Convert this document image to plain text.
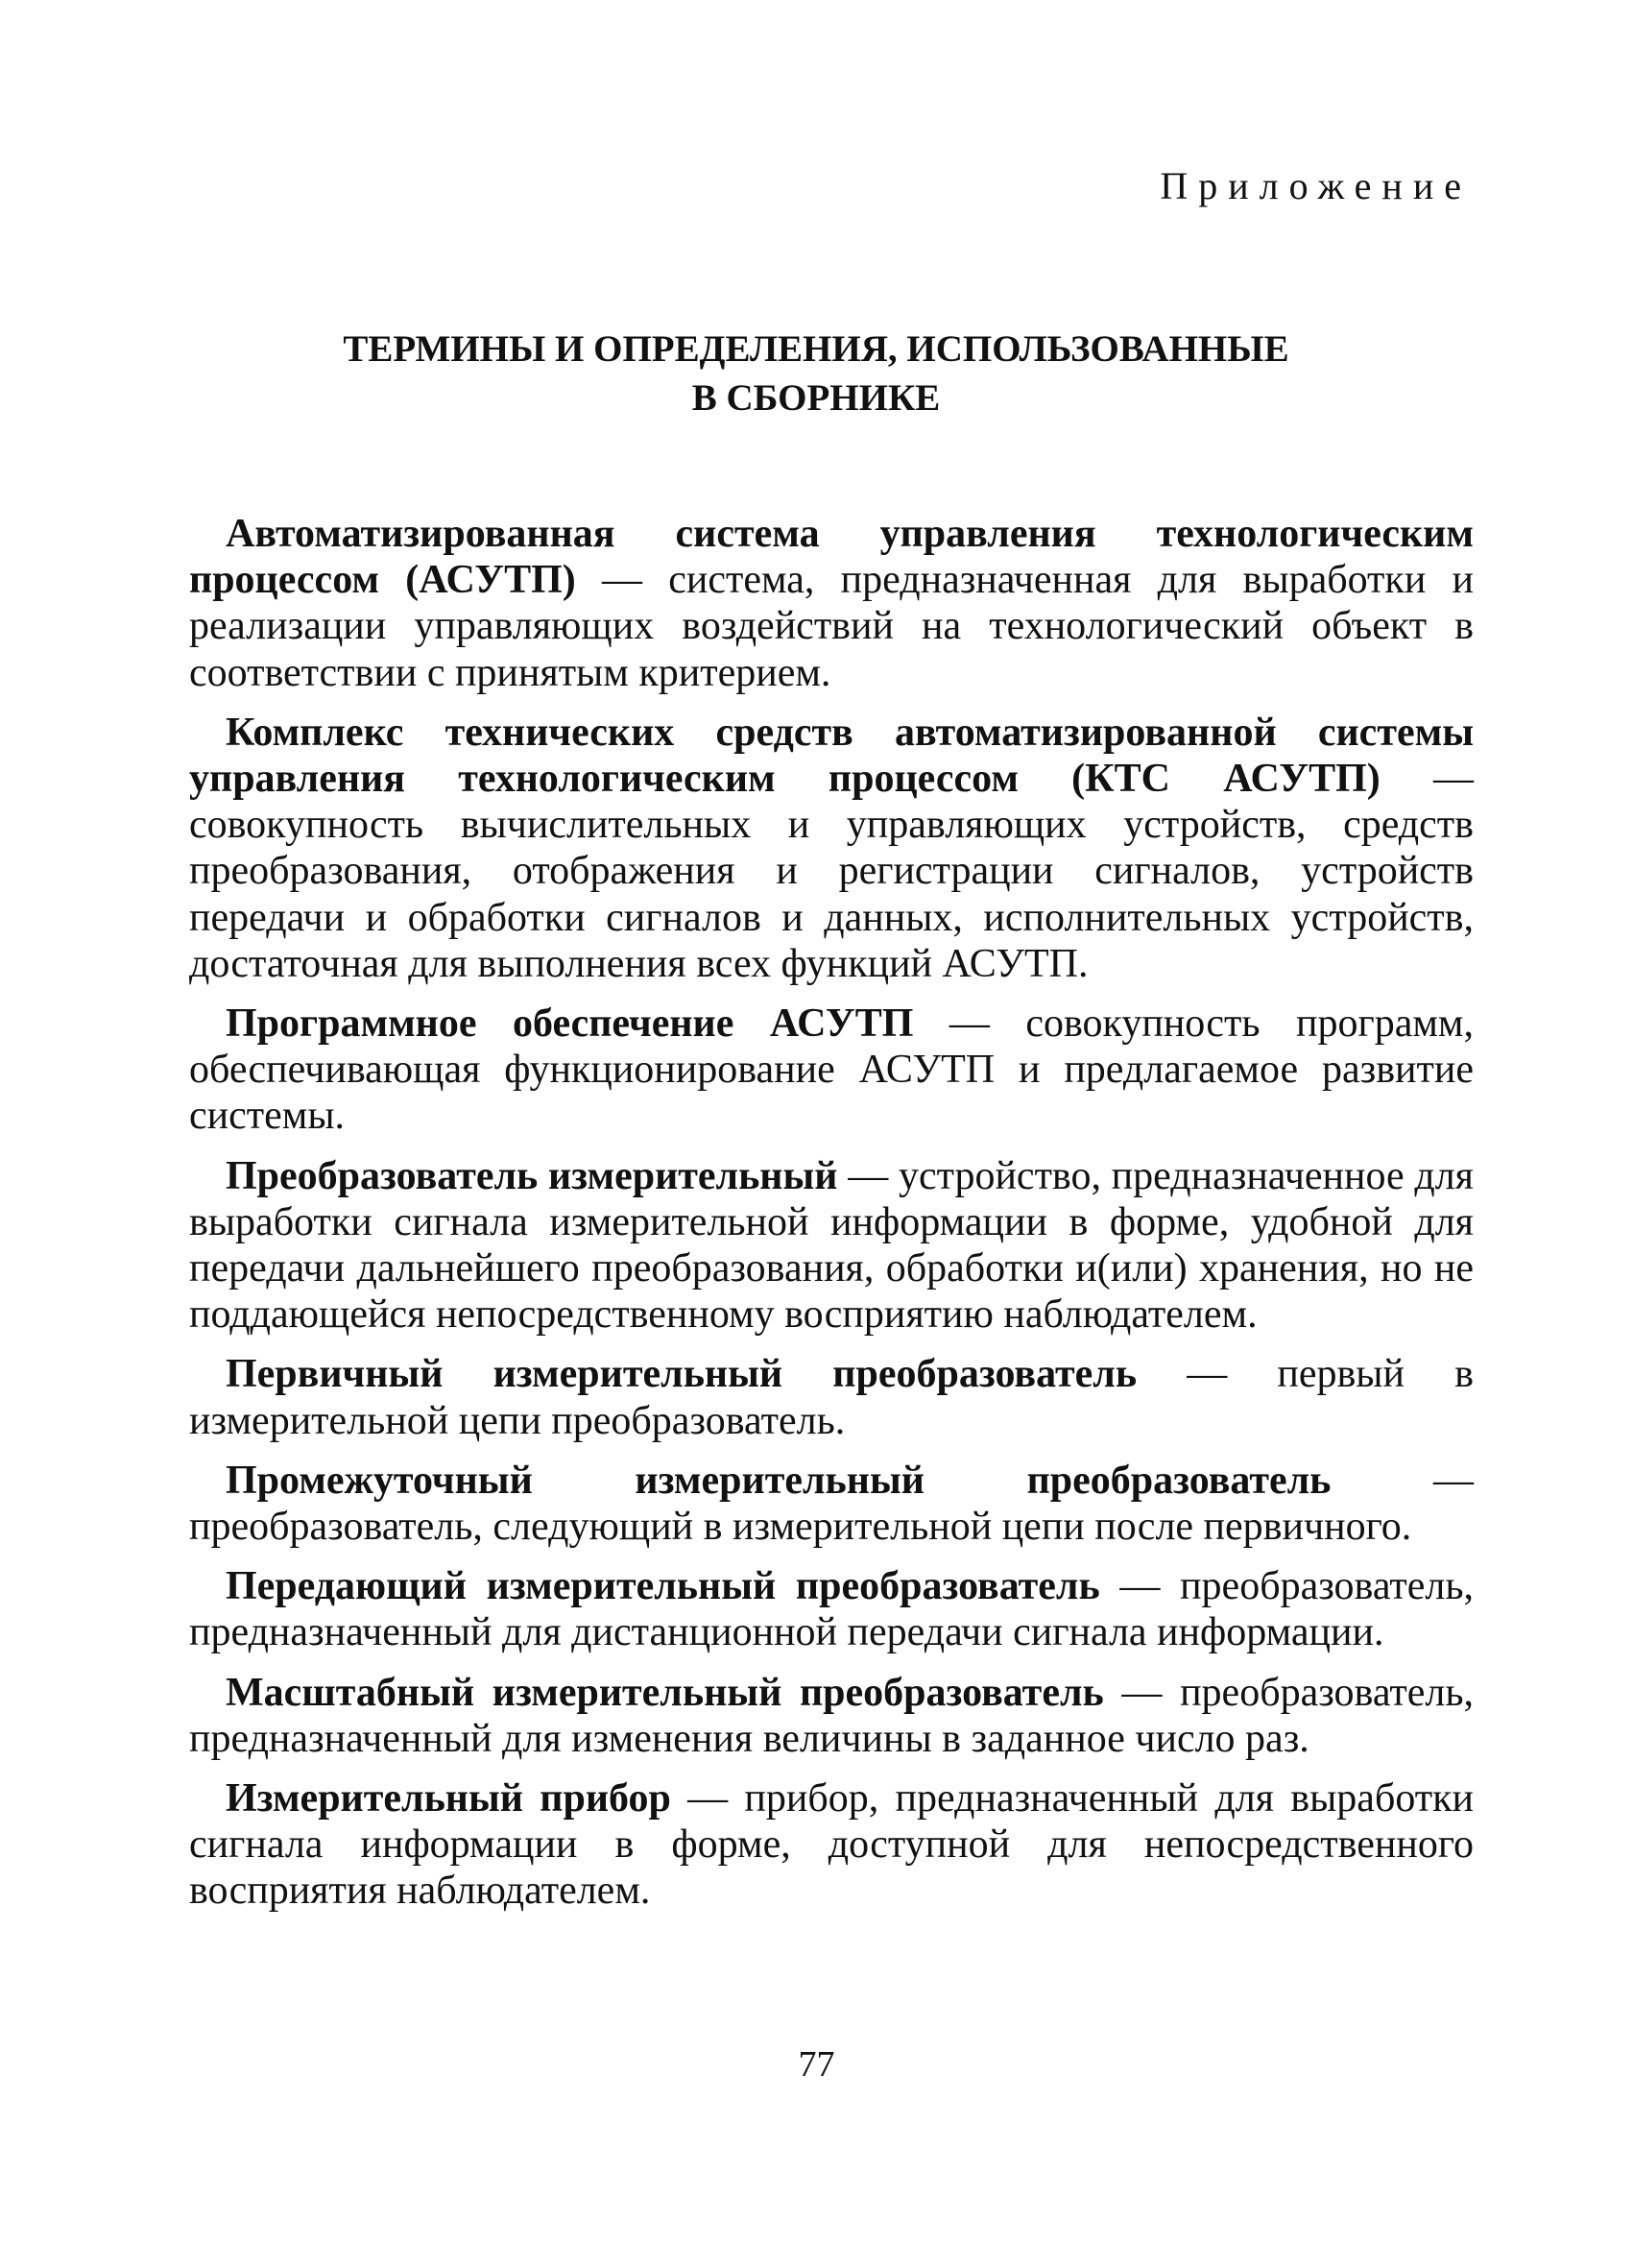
Приложение
ТЕРМИНЫ И ОПРЕДЕЛЕНИЯ, ИСПОЛЬЗОВАННЫЕ
В СБОРНИКЕ

Автоматизированная система управления технологическим процессом (АСУТП) — система, предназначенная для выработки и реализации управляющих воздействий на технологический объект в соответствии с принятым критерием.

Комплекс технических средств автоматизированной системы управления технологическим процессом (КТС АСУТП) — совокупность вычислительных и управляющих устройств, средств преобразования, отображения и регистрации сигналов, устройств передачи и обработки сигналов и данных, исполнительных устройств, достаточная для выполнения всех функций АСУТП.

Программное обеспечение АСУТП — совокупность программ, обеспечивающая функционирование АСУТП и предлагаемое развитие системы.

Преобразователь измерительный — устройство, предназначенное для выработки сигнала измерительной информации в форме, удобной для передачи дальнейшего преобразования, обработки и(или) хранения, но не поддающейся непосредственному восприятию наблюдателем.

Первичный измерительный преобразователь — первый в измерительной цепи преобразователь.

Промежуточный измерительный преобразователь — преобразователь, следующий в измерительной цепи после первичного.

Передающий измерительный преобразователь — преобразователь, предназначенный для дистанционной передачи сигнала информации.

Масштабный измерительный преобразователь — преобразователь, предназначенный для изменения величины в заданное число раз.

Измерительный прибор — прибор, предназначенный для выработки сигнала информации в форме, доступной для непосредственного восприятия наблюдателем.

77
